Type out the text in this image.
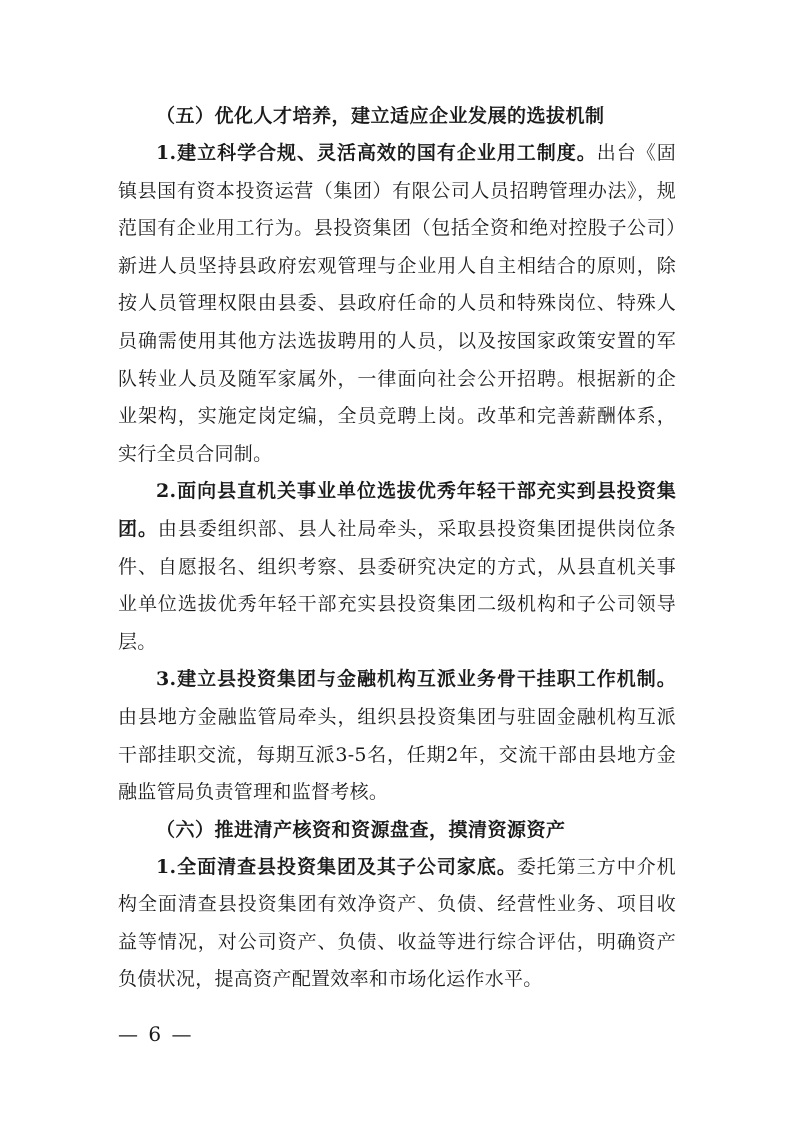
（五）优化人才培养，建立适应企业发展的选拔机制

1.建立科学合规、灵活高效的国有企业用工制度。出台《固镇县国有资本投资运营（集团）有限公司人员招聘管理办法》，规范国有企业用工行为。县投资集团（包括全资和绝对控股子公司）新进人员坚持县政府宏观管理与企业用人自主相结合的原则，除按人员管理权限由县委、县政府任命的人员和特殊岗位、特殊人员确需使用其他方法选拔聘用的人员，以及按国家政策安置的军队转业人员及随军家属外，一律面向社会公开招聘。根据新的企业架构，实施定岗定编，全员竞聘上岗。改革和完善薪酬体系，实行全员合同制。

2.面向县直机关事业单位选拔优秀年轻干部充实到县投资集团。由县委组织部、县人社局牵头，采取县投资集团提供岗位条件、自愿报名、组织考察、县委研究决定的方式，从县直机关事业单位选拔优秀年轻干部充实县投资集团二级机构和子公司领导层。

3.建立县投资集团与金融机构互派业务骨干挂职工作机制。由县地方金融监管局牵头，组织县投资集团与驻固金融机构互派干部挂职交流，每期互派3-5名，任期2年，交流干部由县地方金融监管局负责管理和监督考核。

（六）推进清产核资和资源盘查，摸清资源资产

1.全面清查县投资集团及其子公司家底。委托第三方中介机构全面清查县投资集团有效净资产、负债、经营性业务、项目收益等情况，对公司资产、负债、收益等进行综合评估，明确资产负债状况，提高资产配置效率和市场化运作水平。

— 6 —
